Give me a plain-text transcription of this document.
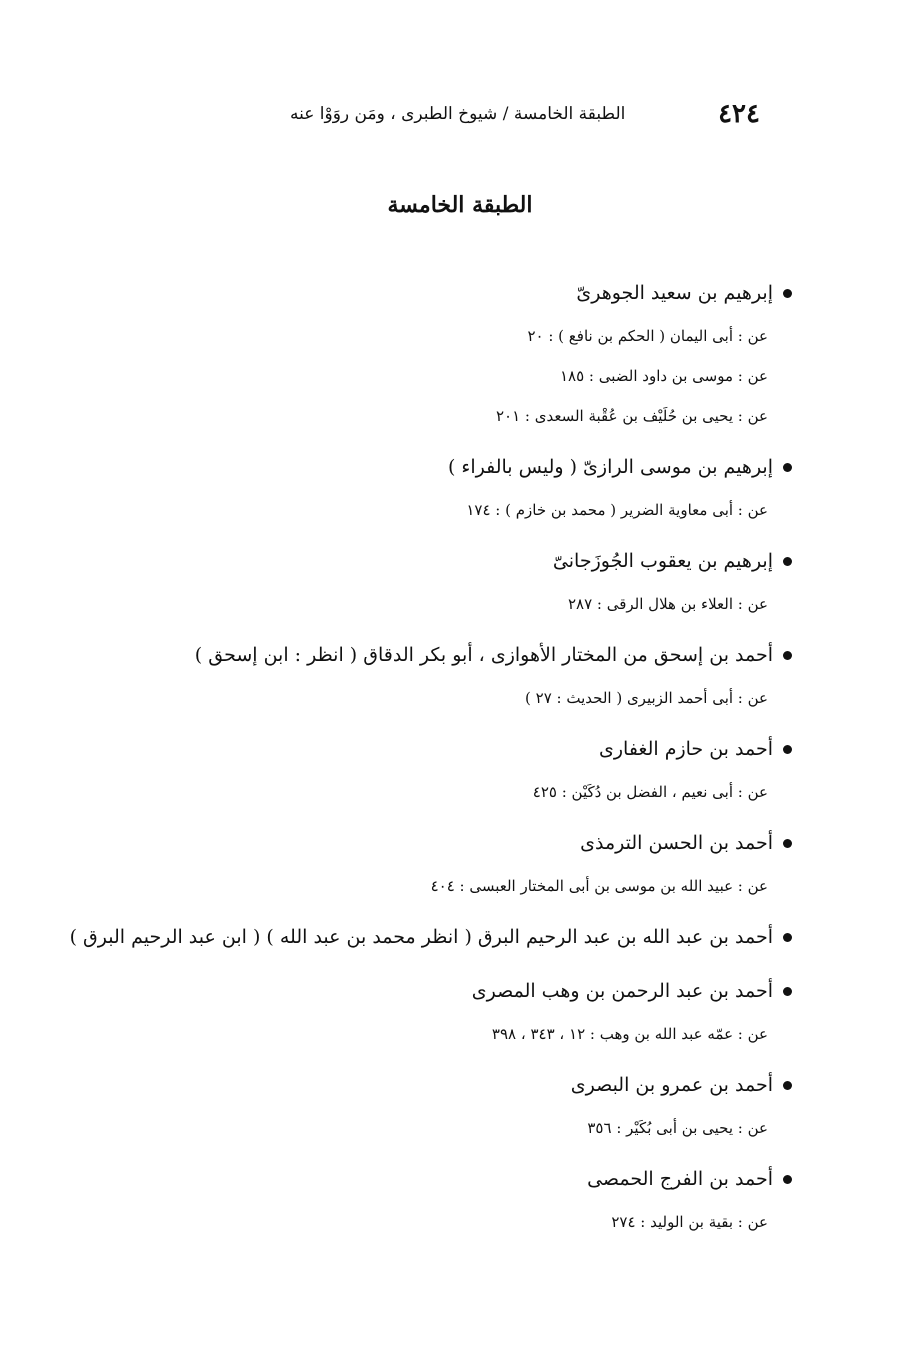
٤٢٤
الطبقة الخامسة / شيوخ الطبرى ، ومَن روَوْا عنه
الطبقة الخامسة
إبرهيم بن سعيد الجوهرىّ
عن : أبى اليمان ( الحكم بن نافع ) : ٢٠
عن : موسى بن داود الضبى : ١٨٥
عن : يحيى بن حُلَيْف بن عُقْبة السعدى : ٢٠١
إبرهيم بن موسى الرازىّ ( وليس بالفراء )
عن : أبى معاوية الضرير ( محمد بن خازم ) : ١٧٤
إبرهيم بن يعقوب الجُوزَجانىّ
عن : العلاء بن هلال الرقى : ٢٨٧
أحمد بن إسحق من المختار الأهوازى ، أبو بكر الدقاق ( انظر : ابن إسحق )
عن : أبى أحمد الزبيرى ( الحديث : ٢٧ )
أحمد بن حازم الغفارى
عن : أبى نعيم ، الفضل بن دُكَيْن : ٤٢٥
أحمد بن الحسن الترمذى
عن : عبيد الله بن موسى بن أبى المختار العبسى : ٤٠٤
أحمد بن عبد الله بن عبد الرحيم البرق ( انظر محمد بن عبد الله ) ( ابن عبد الرحيم البرق )
أحمد بن عبد الرحمن بن وهب المصرى
عن : عمّه عبد الله بن وهب : ١٢ ، ٣٤٣ ، ٣٩٨
أحمد بن عمرو بن البصرى
عن : يحيى بن أبى بُكَيْر : ٣٥٦
أحمد بن الفرج الحمصى
عن : بقية بن الوليد : ٢٧٤
